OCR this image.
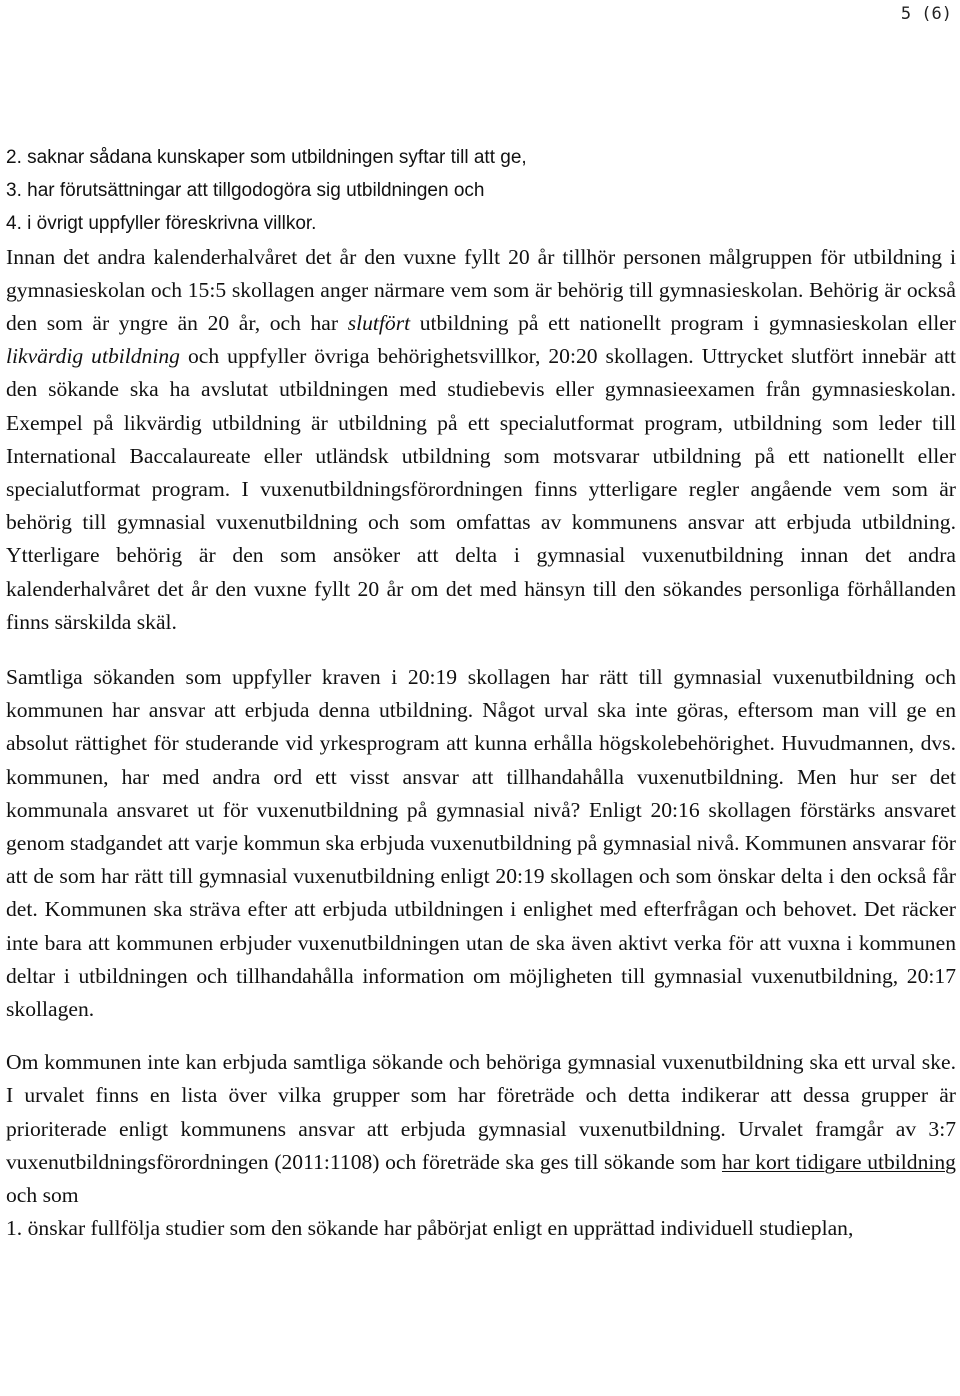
5 (6)
2. saknar sådana kunskaper som utbildningen syftar till att ge,
3. har förutsättningar att tillgodogöra sig utbildningen och
4. i övrigt uppfyller föreskrivna villkor.

Innan det andra kalenderhalvåret det år den vuxne fyllt 20 år tillhör personen målgruppen för utbildning i gymnasieskolan och 15:5 skollagen anger närmare vem som är behörig till gymnasieskolan. Behörig är också den som är yngre än 20 år, och har slutfört utbildning på ett nationellt program i gymnasieskolan eller likvärdig utbildning och uppfyller övriga behörighetsvillkor, 20:20 skollagen. Uttrycket slutfört innebär att den sökande ska ha avslutat utbildningen med studiebevis eller gymnasieexamen från gymnasieskolan. Exempel på likvärdig utbildning är utbildning på ett specialutformat program, utbildning som leder till International Baccalaureate eller utländsk utbildning som motsvarar utbildning på ett nationellt eller specialutformat program. I vuxenutbildningsförordningen finns ytterligare regler angående vem som är behörig till gymnasial vuxenutbildning och som omfattas av kommunens ansvar att erbjuda utbildning. Ytterligare behörig är den som ansöker att delta i gymnasial vuxenutbildning innan det andra kalenderhalvåret det år den vuxne fyllt 20 år om det med hänsyn till den sökandes personliga förhållanden finns särskilda skäl.

Samtliga sökanden som uppfyller kraven i 20:19 skollagen har rätt till gymnasial vuxenutbildning och kommunen har ansvar att erbjuda denna utbildning. Något urval ska inte göras, eftersom man vill ge en absolut rättighet för studerande vid yrkesprogram att kunna erhålla högskolebehörighet. Huvudmannen, dvs. kommunen, har med andra ord ett visst ansvar att tillhandahålla vuxenutbildning. Men hur ser det kommunala ansvaret ut för vuxenutbildning på gymnasial nivå? Enligt 20:16 skollagen förstärks ansvaret genom stadgandet att varje kommun ska erbjuda vuxenutbildning på gymnasial nivå. Kommunen ansvarar för att de som har rätt till gymnasial vuxenutbildning enligt 20:19 skollagen och som önskar delta i den också får det. Kommunen ska sträva efter att erbjuda utbildningen i enlighet med efterfrågan och behovet. Det räcker inte bara att kommunen erbjuder vuxenutbildningen utan de ska även aktivt verka för att vuxna i kommunen deltar i utbildningen och tillhandahålla information om möjligheten till gymnasial vuxenutbildning, 20:17 skollagen.

Om kommunen inte kan erbjuda samtliga sökande och behöriga gymnasial vuxenutbildning ska ett urval ske. I urvalet finns en lista över vilka grupper som har företräde och detta indikerar att dessa grupper är prioriterade enligt kommunens ansvar att erbjuda gymnasial vuxenutbildning. Urvalet framgår av 3:7 vuxenutbildningsförordningen (2011:1108) och företräde ska ges till sökande som har kort tidigare utbildning och som

1. önskar fullfölja studier som den sökande har påbörjat enligt en upprättad individuell studieplan,
